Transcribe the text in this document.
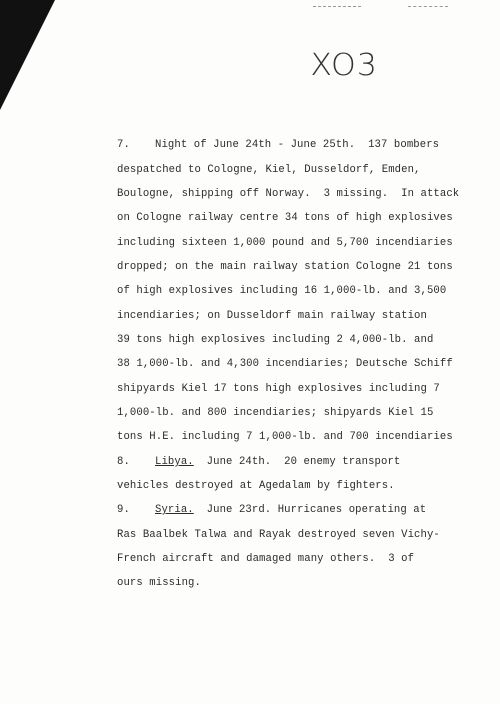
XO3
7. Night of June 24th - June 25th.  137 bombers
despatched to Cologne, Kiel, Dusseldorf, Emden,
Boulogne, shipping off Norway.  3 missing.  In attack
on Cologne railway centre 34 tons of high explosives
including sixteen 1,000 pound and 5,700 incendiaries
dropped; on the main railway station Cologne 21 tons
of high explosives including 16 1,000-lb. and 3,500
incendiaries; on Dusseldorf main railway station
39 tons high explosives including 2 4,000-lb. and
38 1,000-lb. and 4,300 incendiaries; Deutsche Schiff
shipyards Kiel 17 tons high explosives including 7
1,000-lb. and 800 incendiaries; shipyards Kiel 15
tons H.E. including 7 1,000-lb. and 700 incendiaries
8. Libya.  June 24th.  20 enemy transport
vehicles destroyed at Agedalam by fighters.
9. Syria.  June 23rd. Hurricanes operating at
Ras Baalbek Talwa and Rayak destroyed seven Vichy-
French aircraft and damaged many others.  3 of
ours missing.
